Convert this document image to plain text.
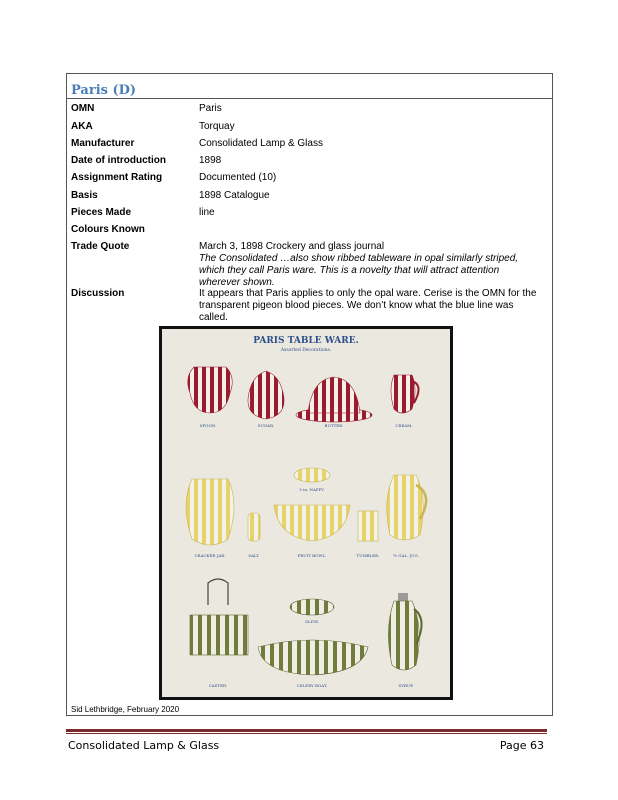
Paris (D)
OMN	Paris
AKA	Torquay
Manufacturer	Consolidated Lamp & Glass
Date of introduction	1898
Assignment Rating	Documented (10)
Basis	1898 Catalogue
Pieces Made	line
Colours Known
Trade Quote	March 3, 1898 Crockery and glass journal
The Consolidated …also show ribbed tableware in opal similarly striped, which they call Paris ware. This is a novelty that will attract attention wherever shown.
Discussion	It appears that Paris applies to only the opal ware. Cerise is the OMN for the transparent pigeon blood pieces. We don’t know what the blue line was called.
PARIS TABLE WARE.
Assorted Decorations.
SPOON.	SUGAR.	BUTTER.	CREAM.
5 in. NAPPY.
CRACKER JAR.	SALT.	FRUIT BOWL.	TUMBLER.	½ GAL. JUG.
OLIVE.
CASTER.	CELERY BOAT.	SYRUP.
Sid Lethbridge, February 2020
Consolidated Lamp & Glass	Page 63
